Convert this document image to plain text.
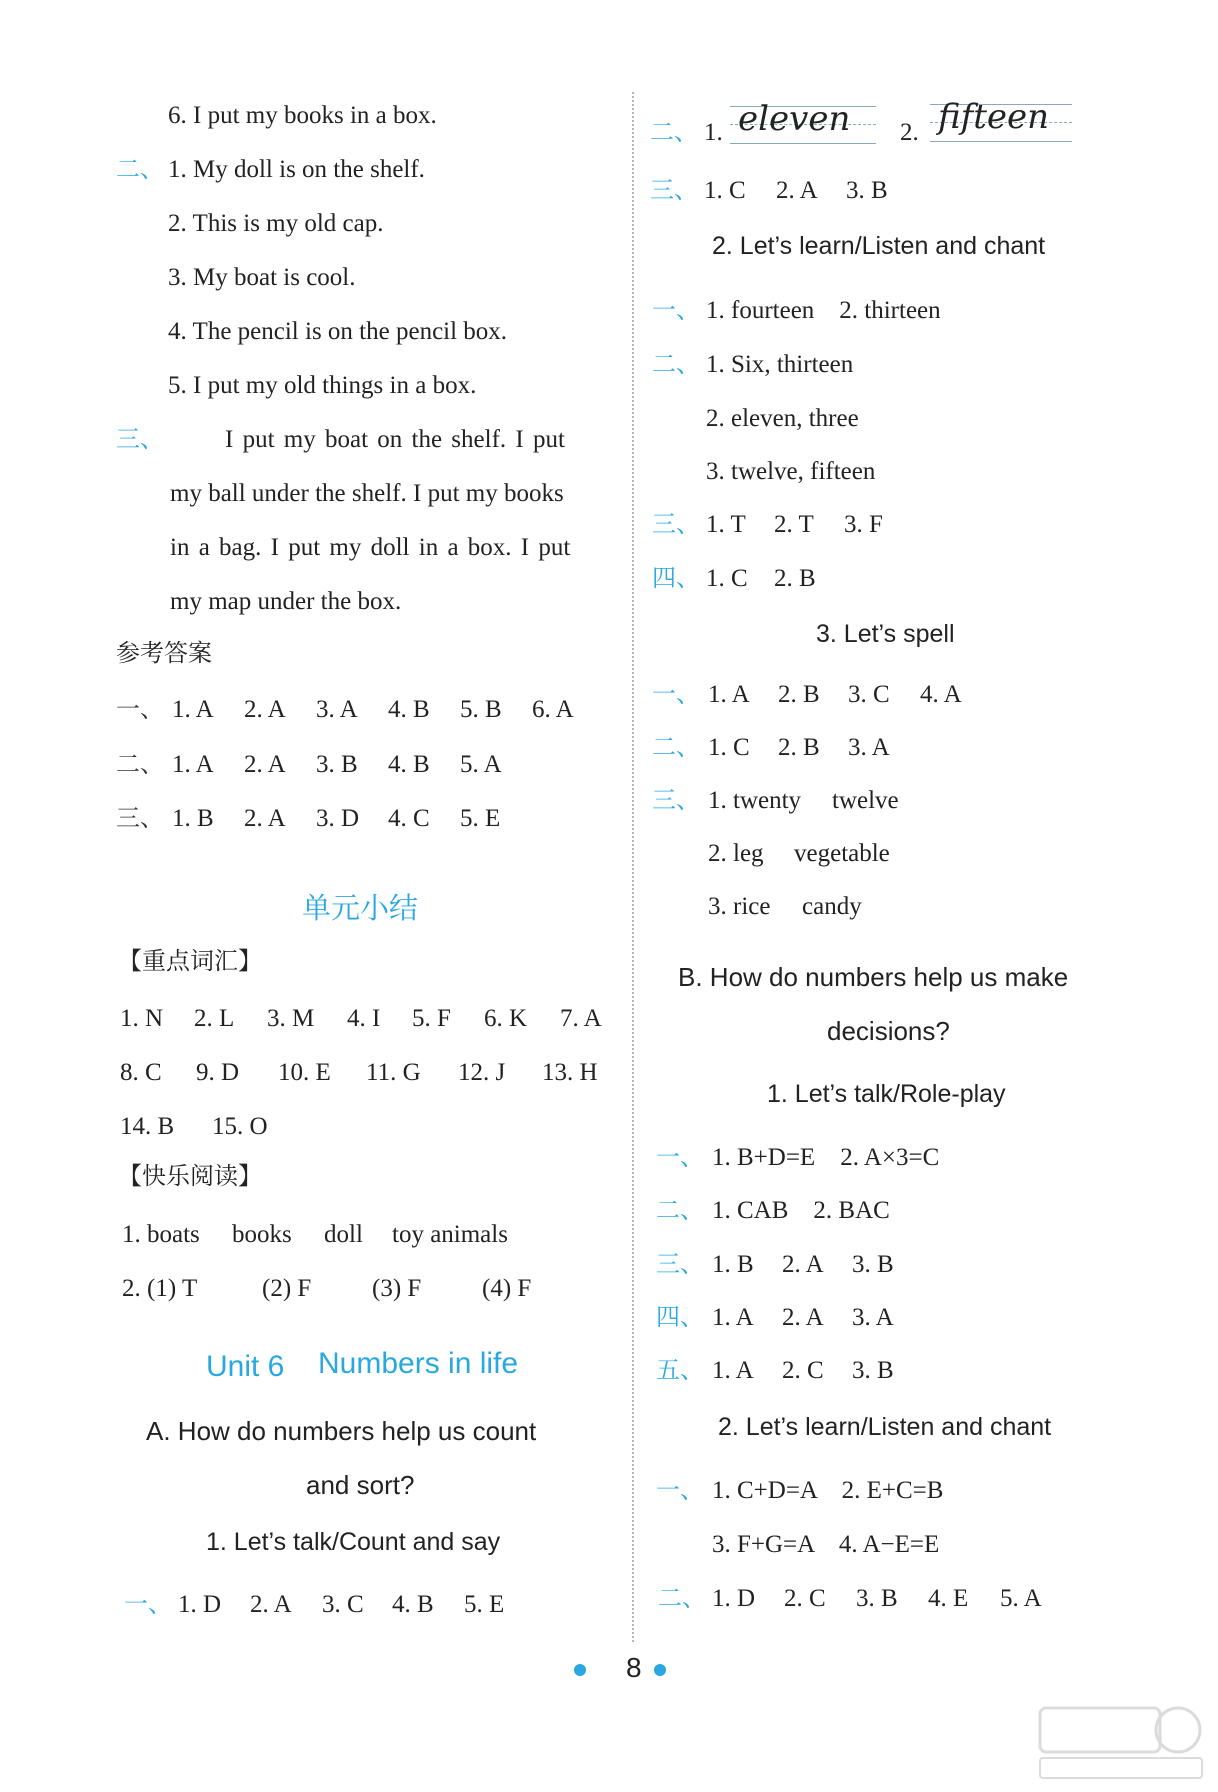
6. I put my books in a box.
二、 1. My doll is on the shelf.
2. This is my old cap.
3. My boat is cool.
4. The pencil is on the pencil box.
5. I put my old things in a box.
三、 I put my boat on the shelf. I put
my ball under the shelf. I put my books
in a bag. I put my doll in a box. I put
my map under the box.
参考答案
一、 1. A 2. A 3. A 4. B 5. B 6. A
二、 1. A 2. A 3. B 4. B 5. A
三、 1. B 2. A 3. D 4. C 5. E
单元小结
【重点词汇】
1. N 2. L 3. M 4. I 5. F 6. K 7. A
8. C 9. D 10. E 11. G 12. J 13. H
14. B 15. O
【快乐阅读】
1. boats books doll toy animals
2. (1) T	(2) F (3) F (4) F
Unit 6 Numbers in life
A. How do numbers help us count
and sort?
1. Let’s talk/Count and say
一、 1. D 2. A 3. C 4. B 5. E
二、 1. eleven 2. fifteen
三、 1. C 2. A 3. B
2. Let’s learn/Listen and chant
一、 1. fourteen    2. thirteen
二、 1. Six, thirteen
2. eleven, three
3. twelve, fifteen
三、 1. T 2. T 3. F
四、 1. C 2. B
3. Let’s spell
一、 1. A 2. B 3. C 4. A
二、 1. C 2. B 3. A
三、 1. twenty twelve
2. leg vegetable
3. rice candy
B. How do numbers help us make
decisions?
1. Let’s talk/Role-play
一、 1. B+D=E    2. A×3=C
二、 1. CAB    2. BAC
三、 1. B 2. A 3. B
四、 1. A 2. A 3. A
五、 1. A 2. C 3. B
2. Let’s learn/Listen and chant
一、 1. C+D=A    2. E+C=B
3. F+G=A    4. A−E=E
二、 1. D 2. C 3. B 4. E 5. A
8
